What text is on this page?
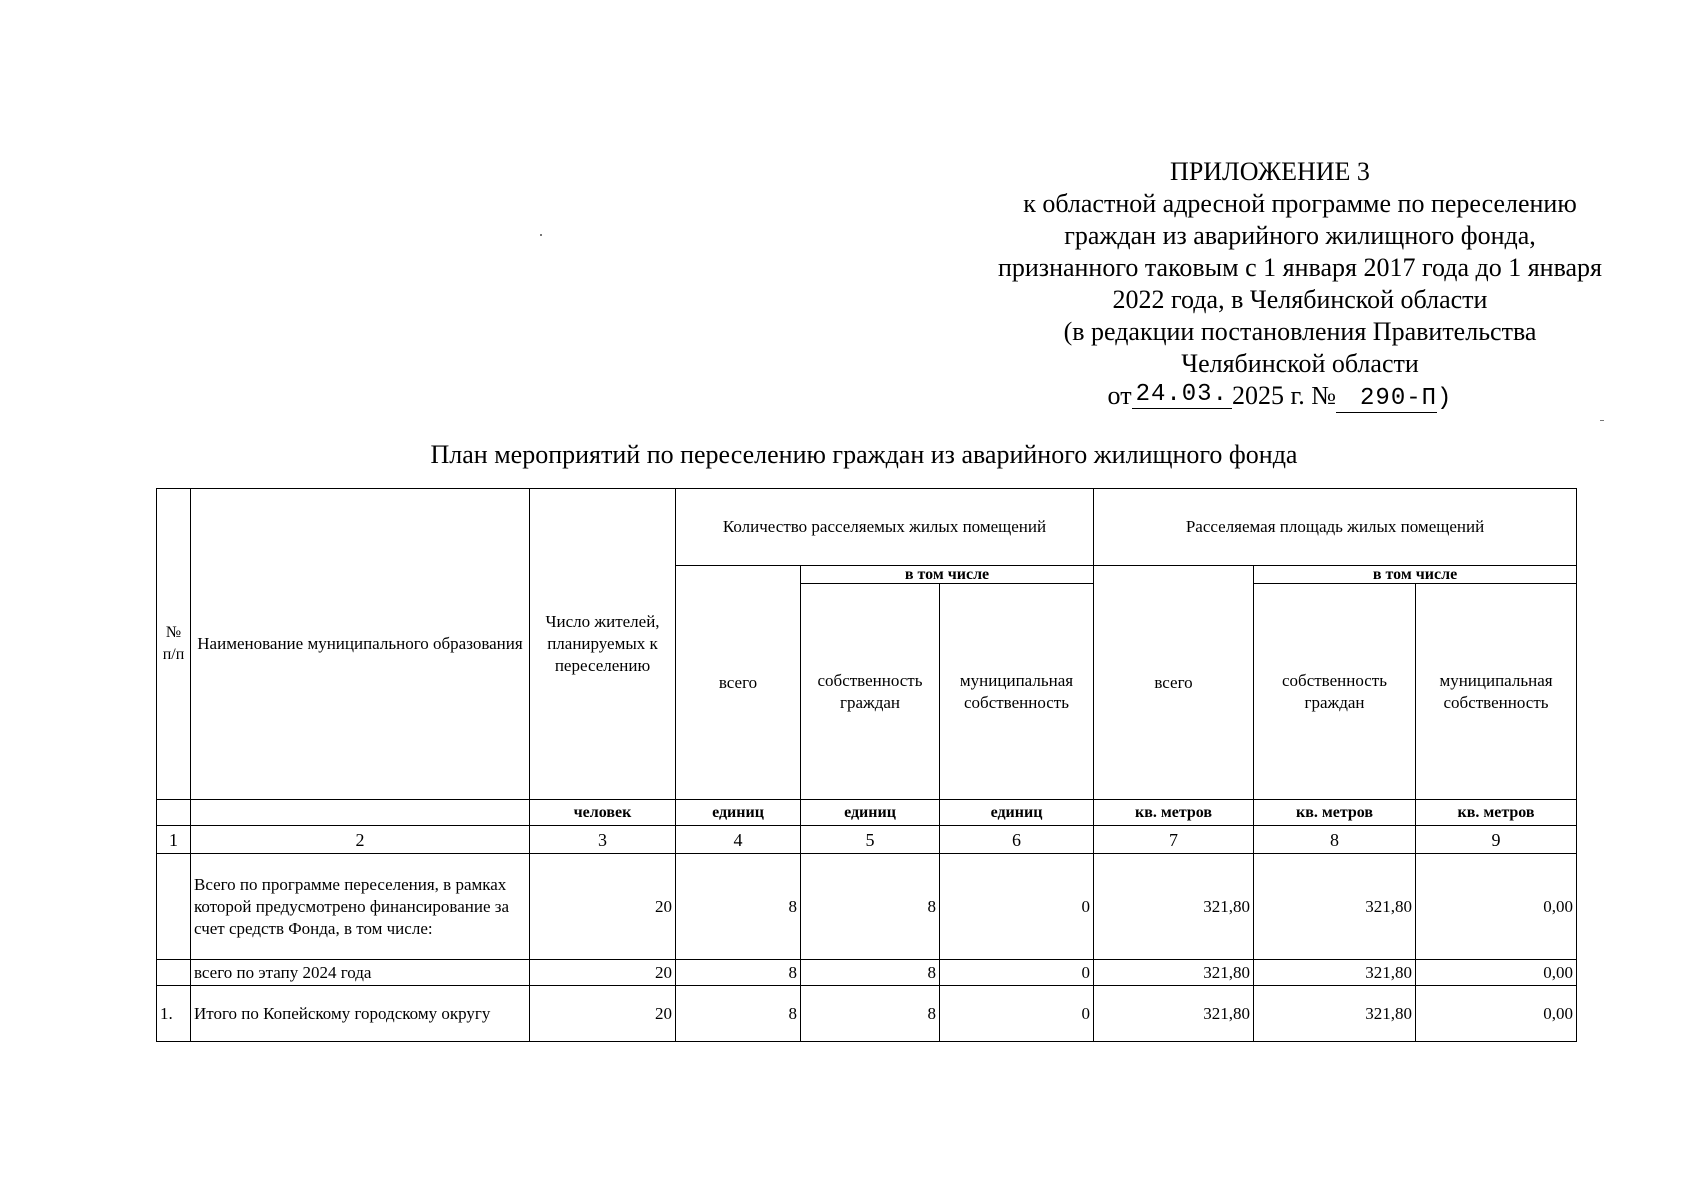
ПРИЛОЖЕНИЕ 3
к областной адресной программе по переселению
граждан из аварийного жилищного фонда,
признанного таковым с 1 января 2017 года до 1 января
2022 года, в Челябинской области
(в редакции постановления Правительства
Челябинской области
от 24.03. 2025 г. № 290-П)
План мероприятий по переселению граждан из аварийного жилищного фонда
№ п/п	Наименование муниципального образования	Число жителей, планируемых к переселению	Количество расселяемых жилых помещений			Расселяемая площадь жилых помещений		
			всего	в том числе		всего	в том числе	
				собственность граждан	муниципальная собственность		собственность граждан	муниципальная собственность
		человек	единиц	единиц	единиц	кв. метров	кв. метров	кв. метров
1	2	3	4	5	6	7	8	9
	Всего по программе переселения, в рамках которой предусмотрено финансирование за счет средств Фонда, в том числе:	20	8	8	0	321,80	321,80	0,00
	всего по этапу 2024 года	20	8	8	0	321,80	321,80	0,00
1.	Итого по Копейскому городскому округу	20	8	8	0	321,80	321,80	0,00
